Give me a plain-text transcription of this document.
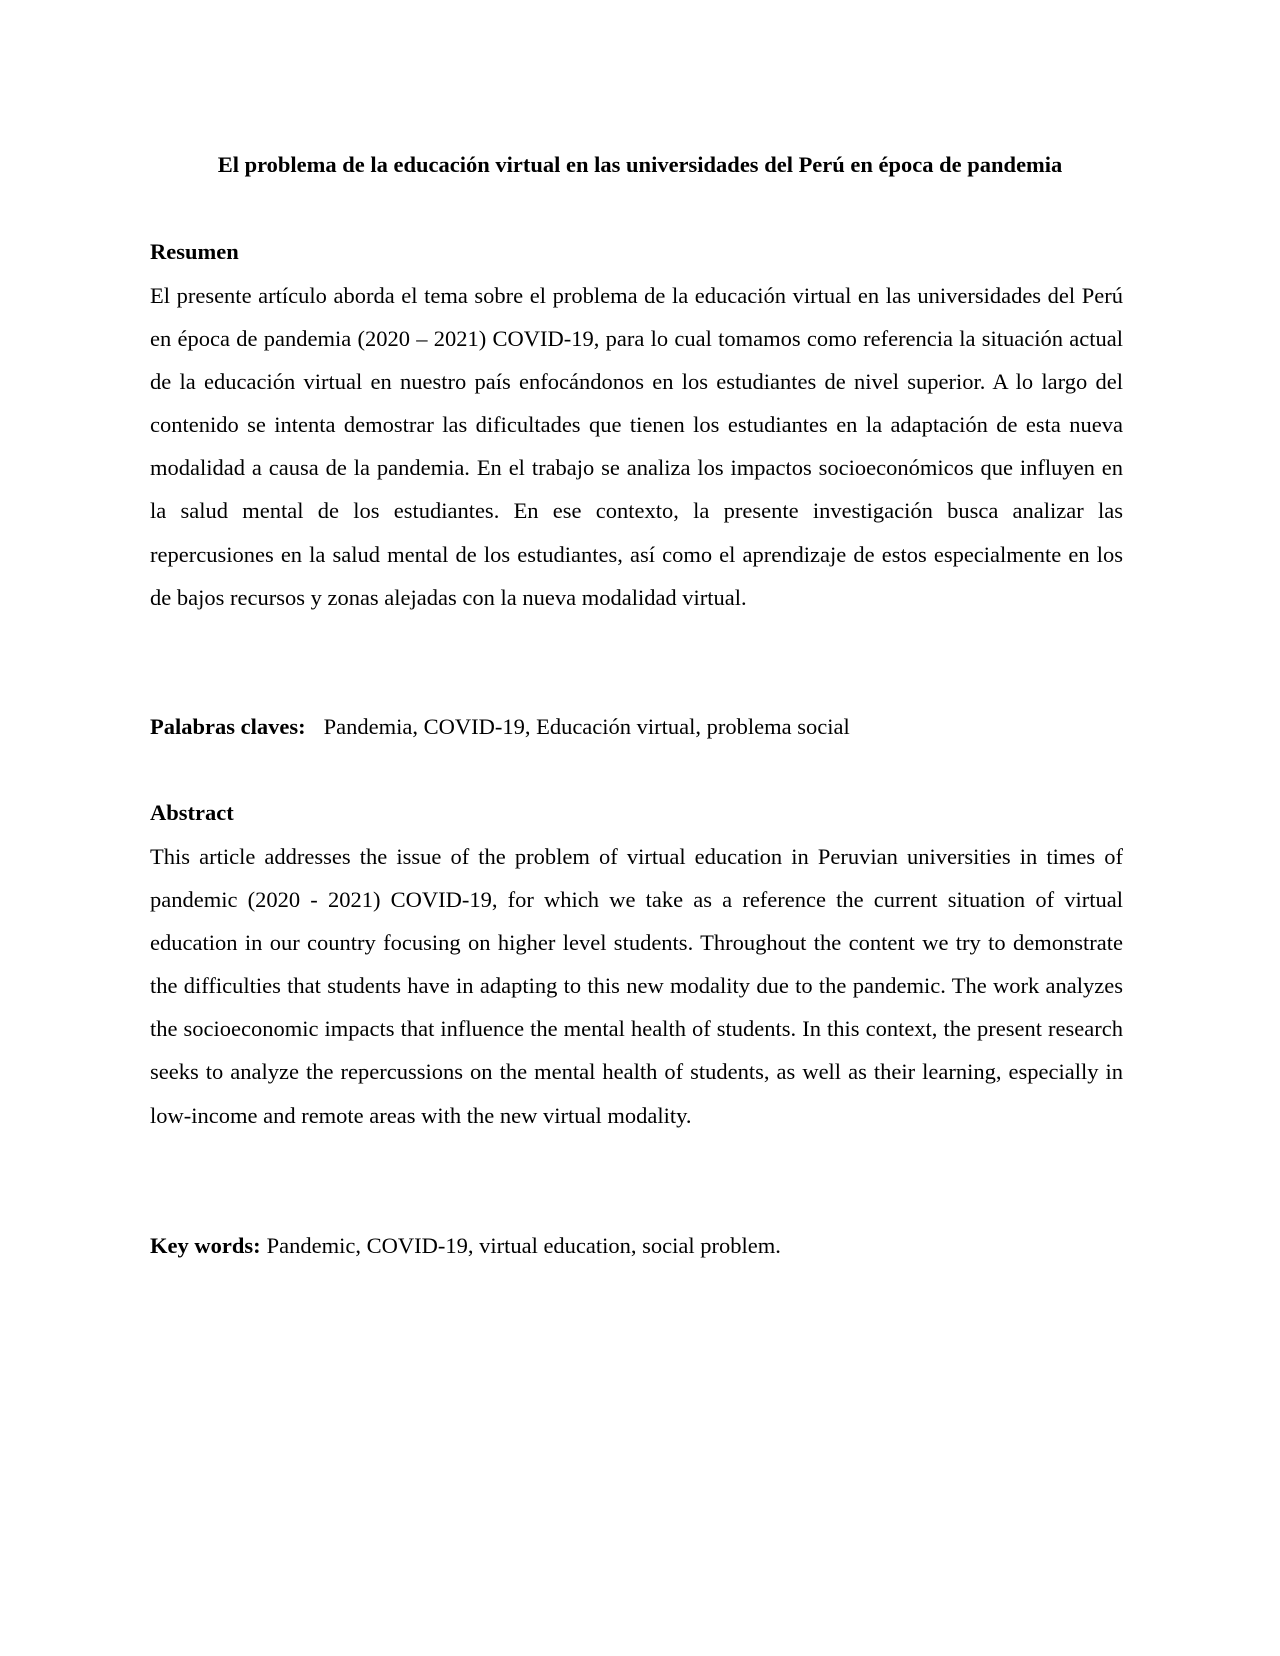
El problema de la educación virtual en las universidades del Perú en época de pandemia
Resumen

El presente artículo aborda el tema sobre el problema de la educación virtual en las universidades del Perú en época de pandemia (2020 – 2021) COVID-19, para lo cual tomamos como referencia la situación actual de la educación virtual en nuestro país enfocándonos en los estudiantes de nivel superior. A lo largo del contenido se intenta demostrar las dificultades que tienen los estudiantes en la adaptación de esta nueva modalidad a causa de la pandemia. En el trabajo se analiza los impactos socioeconómicos que influyen en la salud mental de los estudiantes. En ese contexto, la presente investigación busca analizar las repercusiones en la salud mental de los estudiantes, así como el aprendizaje de estos especialmente en los de bajos recursos y zonas alejadas con la nueva modalidad virtual.

Palabras claves: Pandemia, COVID-19, Educación virtual, problema social

Abstract

This article addresses the issue of the problem of virtual education in Peruvian universities in times of pandemic (2020 - 2021) COVID-19, for which we take as a reference the current situation of virtual education in our country focusing on higher level students. Throughout the content we try to demonstrate the difficulties that students have in adapting to this new modality due to the pandemic. The work analyzes the socioeconomic impacts that influence the mental health of students. In this context, the present research seeks to analyze the repercussions on the mental health of students, as well as their learning, especially in low-income and remote areas with the new virtual modality.

Key words: Pandemic, COVID-19, virtual education, social problem.
